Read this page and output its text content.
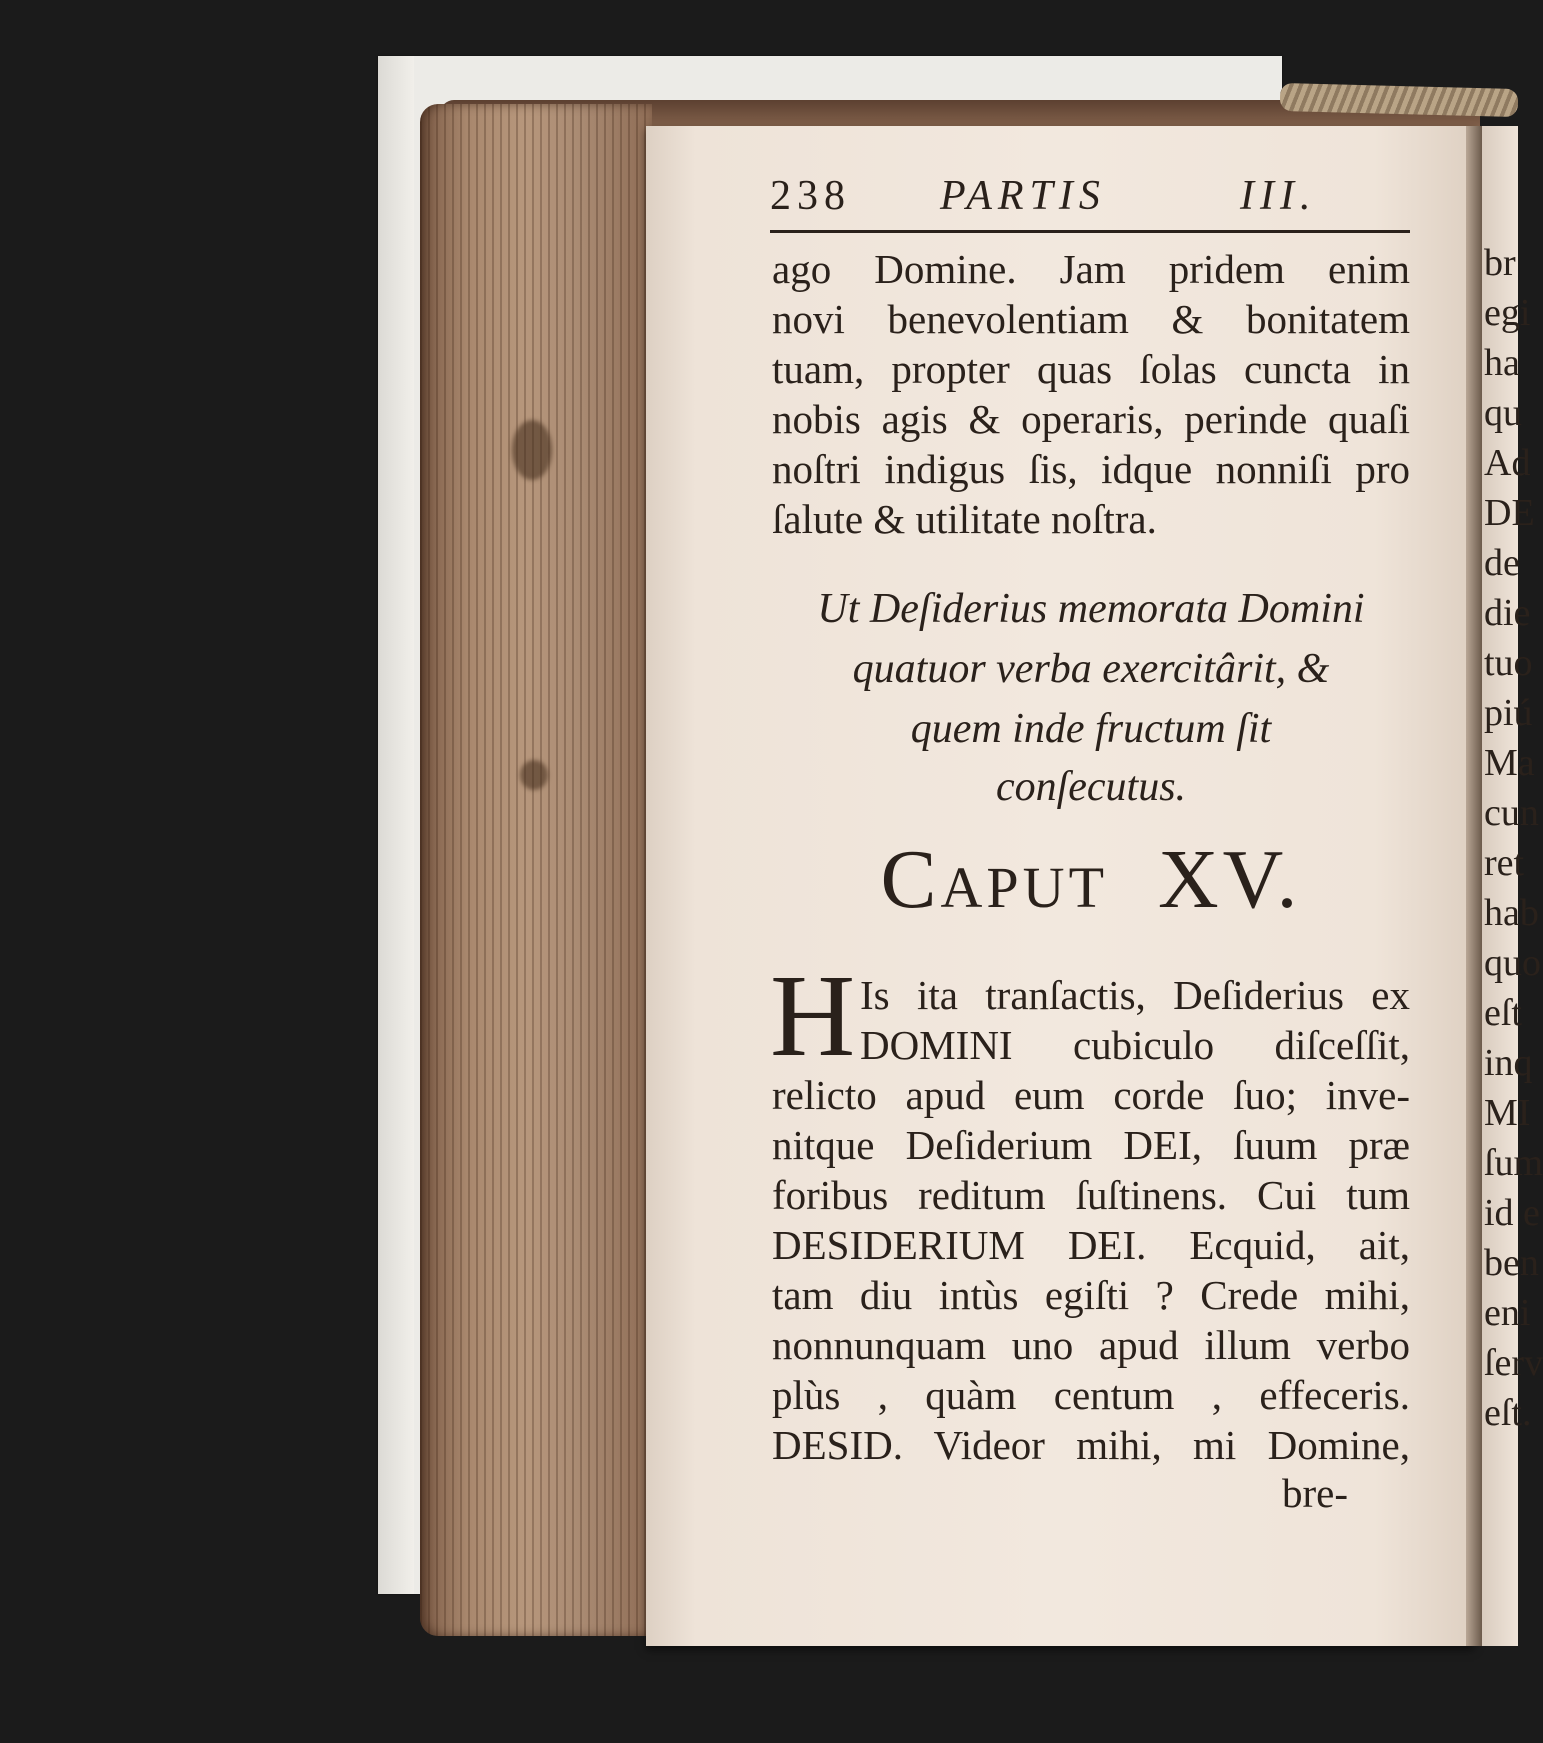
238 PARTIS	III.
ago Domine. Jam pridem enim
novi benevolentiam & bonitatem
tuam, propter quas ſolas cuncta in
nobis agis & operaris, perinde quaſi
noſtri indigus ſis, idque nonniſi pro
ſalute & utilitate noſtra.
Ut Deſiderius memorata Domini
quatuor verba exercitârit, &
quem inde fructum ſit
conſecutus.
CAPUT XV.
H Is ita tranſactis, Deſiderius ex
DOMINI cubiculo diſceſſit,
relicto apud eum corde ſuo; inve-
nitque Deſiderium DEI, ſuum præ
foribus reditum ſuſtinens. Cui tum
DESIDERIUM DEI. Ecquid, ait,
tam diu intùs egiſti ? Crede mihi,
nonnunquam uno apud illum verbo
plùs , quàm centum , effeceris.
DESID. Videor mihi, mi Domine,
bre-
br
egi
ha
qu
Ad
DE
de
die
tuo
piú
Ma
cun
ret
hab
quo
eſt
inq
MI
ſum
id e
ben
eni
ſerv
eſt.
